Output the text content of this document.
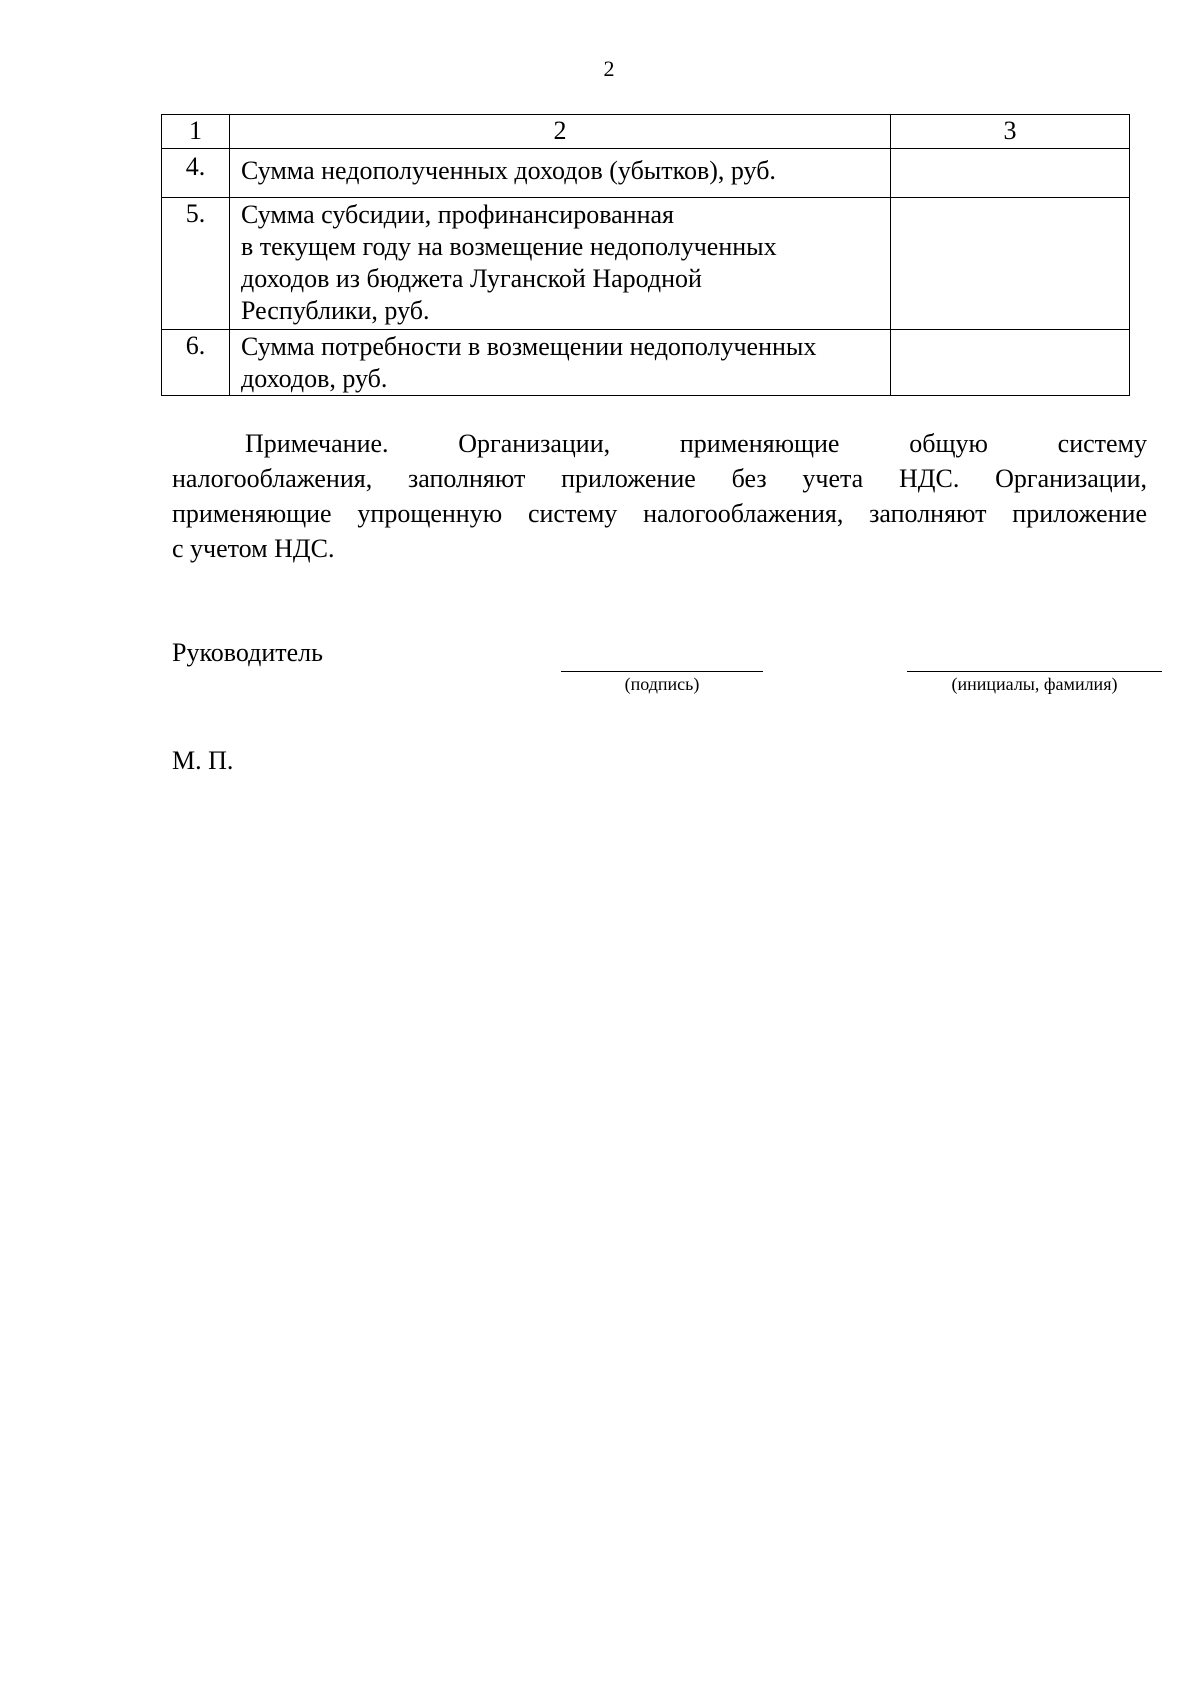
2
1	2	3
4.	Сумма недополученных доходов (убытков), руб.	

5.	Сумма субсидии, профинансированная
в текущем году на возмещение недополученных
доходов из бюджета Луганской Народной
Республики, руб.	

6.	Сумма потребности в возмещении недополученных
доходов, руб.	

Примечание. Организации, применяющие общую систему
налогооблажения, заполняют приложение без учета НДС. Организации,
применяющие упрощенную систему налогооблажения, заполняют приложение
с учетом НДС.
Руководитель
(подпись)	(инициалы, фамилия)
М. П.
